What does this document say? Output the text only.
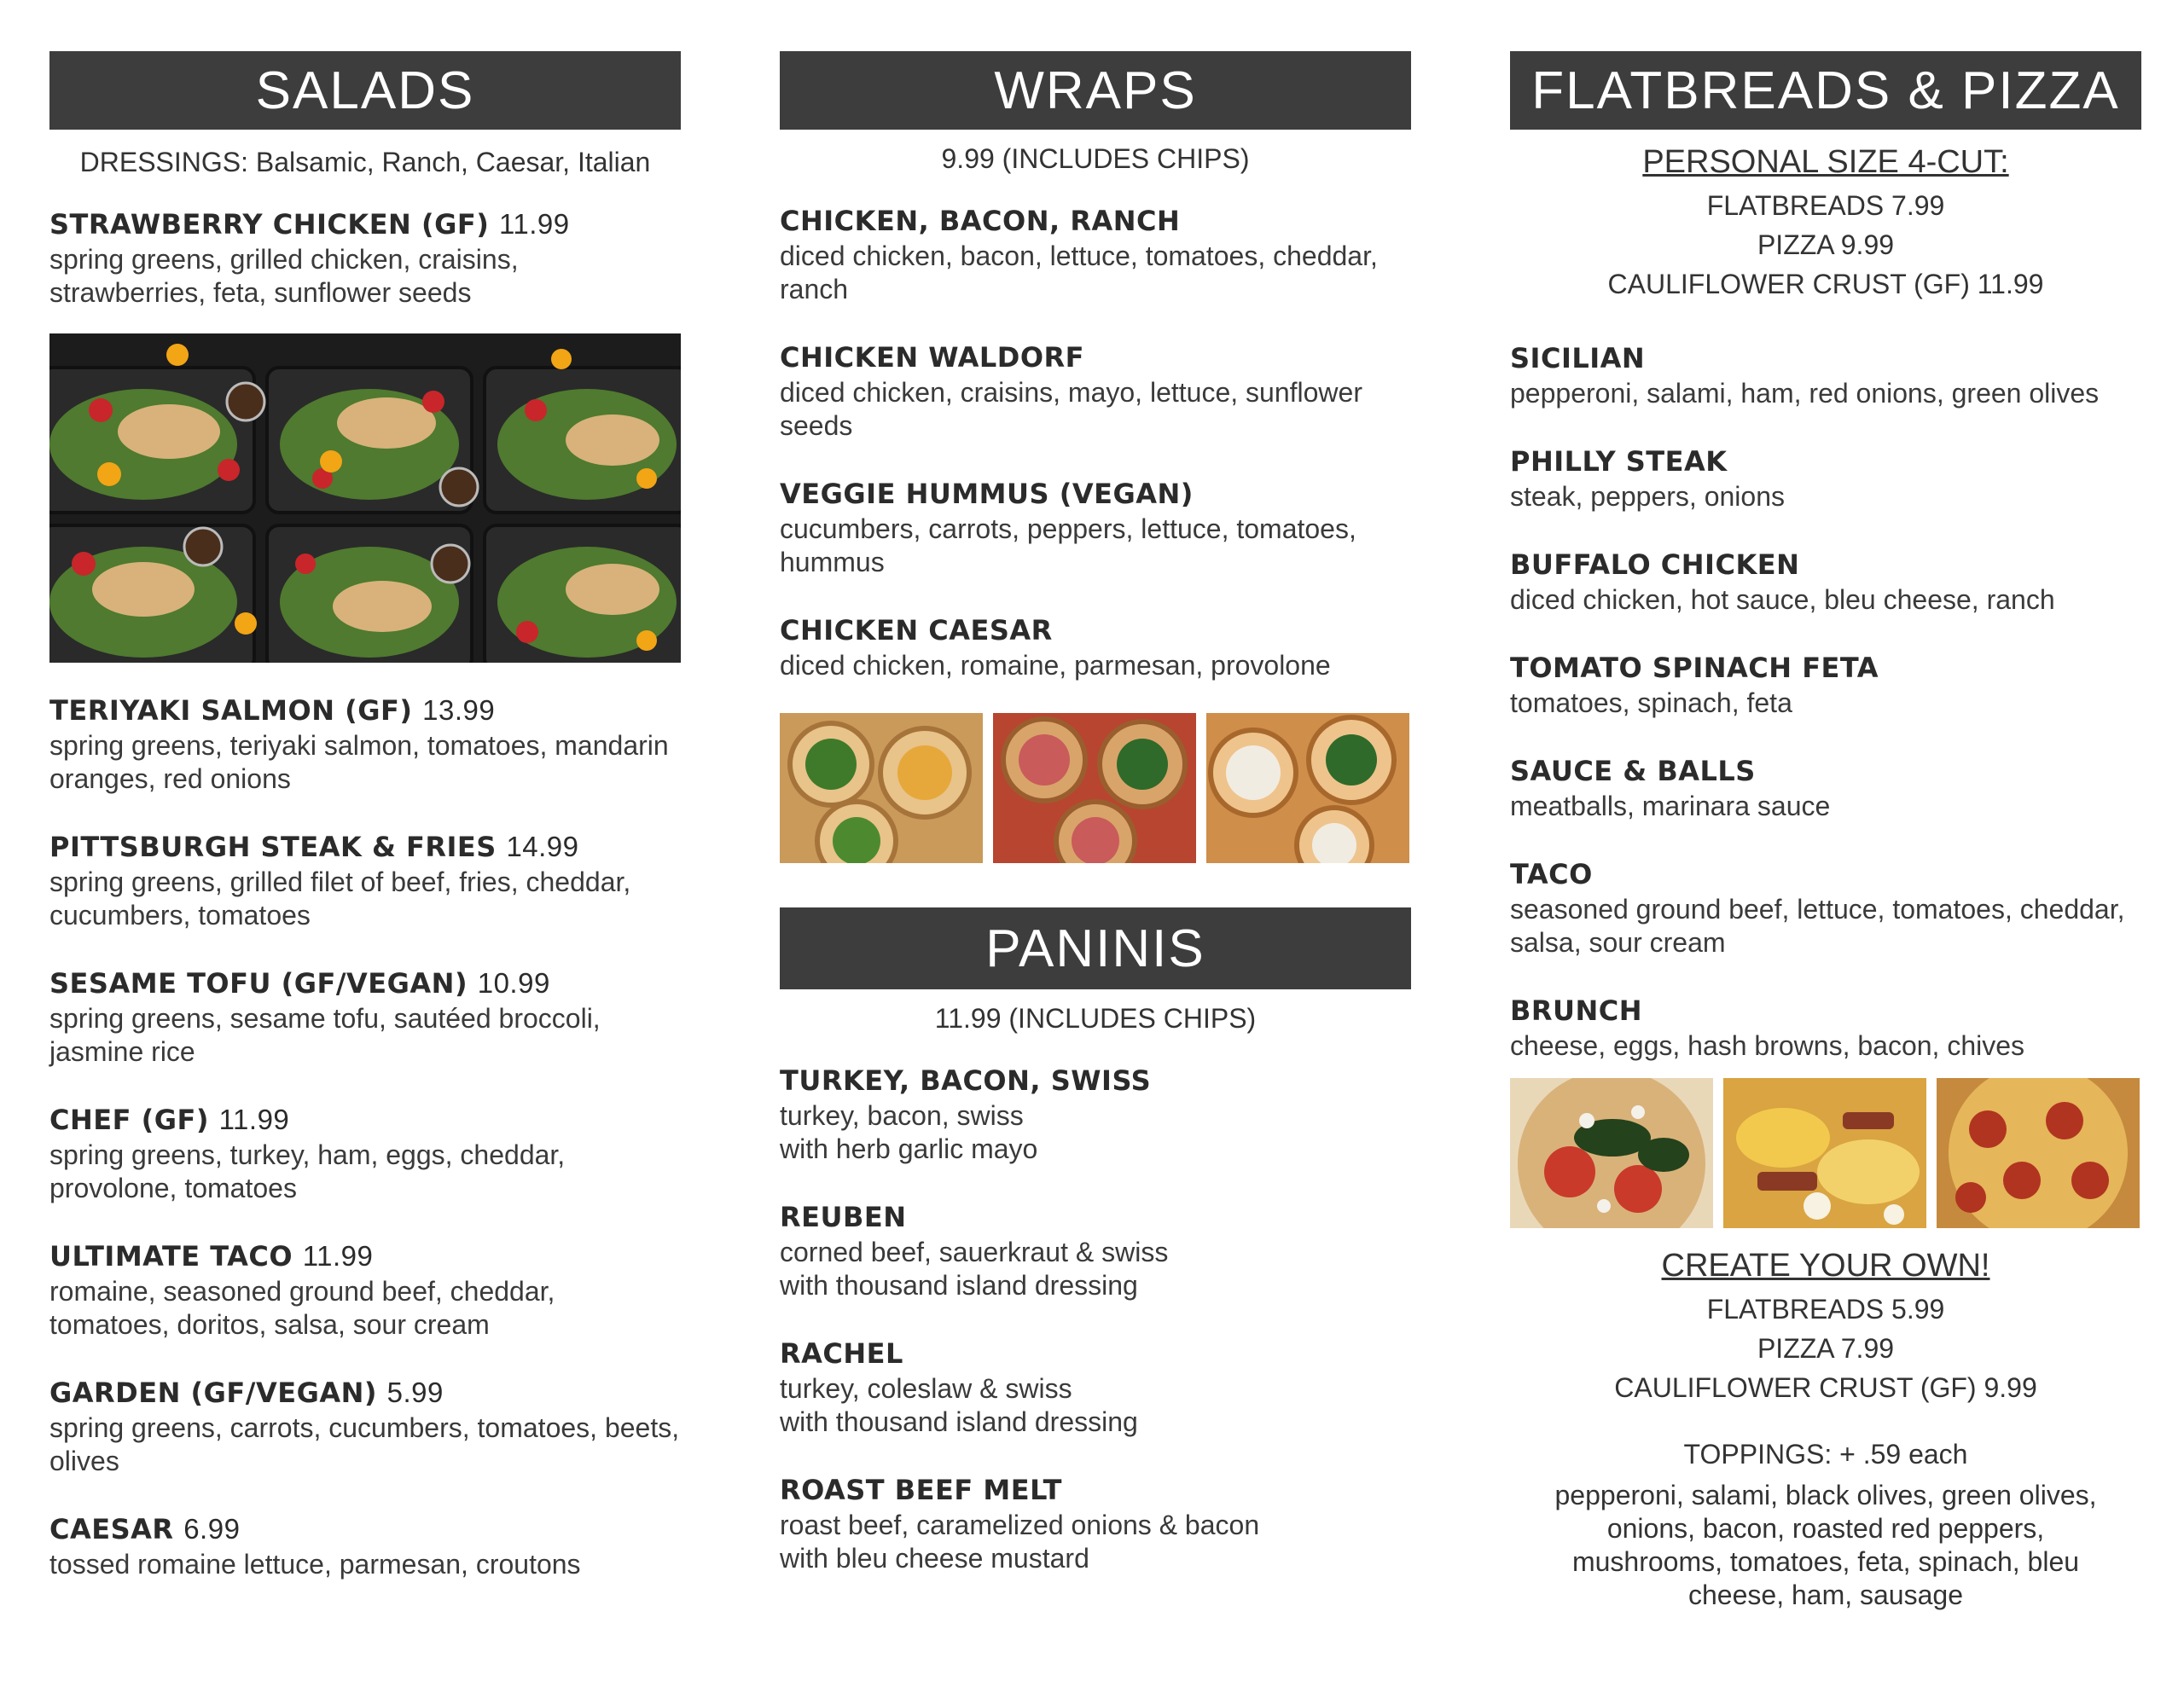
SALADS
DRESSINGS: Balsamic, Ranch, Caesar, Italian
STRAWBERRY CHICKEN (GF) 11.99
spring greens, grilled chicken, craisins, strawberries, feta, sunflower seeds
TERIYAKI SALMON (GF) 13.99
spring greens, teriyaki salmon, tomatoes, mandarin oranges, red onions
PITTSBURGH STEAK & FRIES 14.99
spring greens, grilled filet of beef, fries, cheddar, cucumbers, tomatoes
SESAME TOFU (GF/VEGAN) 10.99
spring greens, sesame tofu, sautéed broccoli, jasmine rice
CHEF (GF) 11.99
spring greens, turkey, ham, eggs, cheddar, provolone, tomatoes
ULTIMATE TACO 11.99
romaine, seasoned ground beef, cheddar, tomatoes, doritos, salsa, sour cream
GARDEN (GF/VEGAN) 5.99
spring greens, carrots, cucumbers, tomatoes, beets, olives
CAESAR 6.99
tossed romaine lettuce, parmesan, croutons
WRAPS
9.99 (INCLUDES CHIPS)
CHICKEN, BACON, RANCH
diced chicken, bacon, lettuce, tomatoes, cheddar, ranch
CHICKEN WALDORF
diced chicken, craisins, mayo, lettuce, sunflower seeds
VEGGIE HUMMUS (VEGAN)
cucumbers, carrots, peppers, lettuce, tomatoes, hummus
CHICKEN CAESAR
diced chicken, romaine, parmesan, provolone
PANINIS
11.99 (INCLUDES CHIPS)
TURKEY, BACON, SWISS
turkey, bacon, swiss
with herb garlic mayo
REUBEN
corned beef, sauerkraut & swiss
with thousand island dressing
RACHEL
turkey, coleslaw & swiss
with thousand island dressing
ROAST BEEF MELT
roast beef, caramelized onions & bacon
with bleu cheese mustard
FLATBREADS & PIZZA
PERSONAL SIZE 4-CUT:
FLATBREADS 7.99
PIZZA 9.99
CAULIFLOWER CRUST (GF) 11.99
SICILIAN
pepperoni, salami, ham, red onions, green olives
PHILLY STEAK
steak, peppers, onions
BUFFALO CHICKEN
diced chicken, hot sauce, bleu cheese, ranch
TOMATO SPINACH FETA
tomatoes, spinach, feta
SAUCE & BALLS
meatballs, marinara sauce
TACO
seasoned ground beef, lettuce, tomatoes, cheddar, salsa, sour cream
BRUNCH
cheese, eggs, hash browns, bacon, chives
CREATE YOUR OWN!
FLATBREADS 5.99
PIZZA 7.99
CAULIFLOWER CRUST (GF) 9.99
TOPPINGS: + .59 each
pepperoni, salami, black olives, green olives, onions, bacon, roasted red peppers, mushrooms, tomatoes, feta, spinach, bleu cheese, ham, sausage
